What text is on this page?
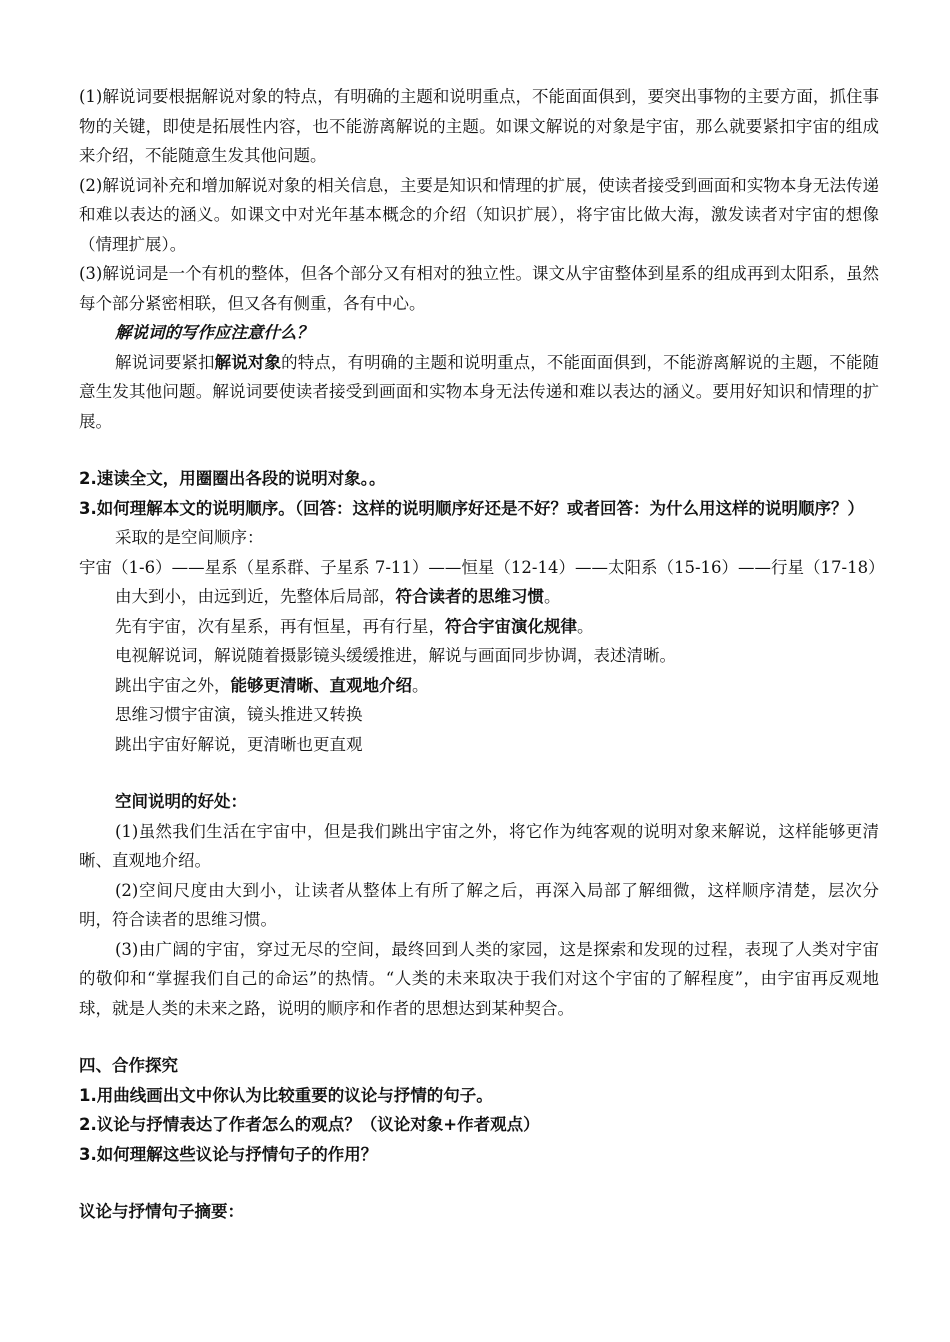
(1)解说词要根据解说对象的特点，有明确的主题和说明重点，不能面面俱到，要突出事物的主要方面，抓住事物的关键，即使是拓展性内容，也不能游离解说的主题。如课文解说的对象是宇宙，那么就要紧扣宇宙的组成来介绍，不能随意生发其他问题。

(2)解说词补充和增加解说对象的相关信息，主要是知识和情理的扩展，使读者接受到画面和实物本身无法传递和难以表达的涵义。如课文中对光年基本概念的介绍（知识扩展），将宇宙比做大海，激发读者对宇宙的想像（情理扩展）。

(3)解说词是一个有机的整体，但各个部分又有相对的独立性。课文从宇宙整体到星系的组成再到太阳系，虽然每个部分紧密相联，但又各有侧重，各有中心。

解说词的写作应注意什么？

解说词要紧扣解说对象的特点，有明确的主题和说明重点，不能面面俱到，不能游离解说的主题，不能随意生发其他问题。解说词要使读者接受到画面和实物本身无法传递和难以表达的涵义。要用好知识和情理的扩展。

2.速读全文，用圈圈出各段的说明对象。。

3.如何理解本文的说明顺序。（回答：这样的说明顺序好还是不好？或者回答：为什么用这样的说明顺序？）

采取的是空间顺序：

宇宙（1-6）——星系（星系群、子星系 7-11）——恒星（12-14）——太阳系（15-16）——行星（17-18）

由大到小，由远到近，先整体后局部，符合读者的思维习惯。

先有宇宙，次有星系，再有恒星，再有行星，符合宇宙演化规律。

电视解说词，解说随着摄影镜头缓缓推进，解说与画面同步协调，表述清晰。

跳出宇宙之外，能够更清晰、直观地介绍。

思维习惯宇宙演，镜头推进又转换

跳出宇宙好解说，更清晰也更直观

空间说明的好处：

(1)虽然我们生活在宇宙中，但是我们跳出宇宙之外，将它作为纯客观的说明对象来解说，这样能够更清晰、直观地介绍。

(2)空间尺度由大到小，让读者从整体上有所了解之后，再深入局部了解细微，这样顺序清楚，层次分明，符合读者的思维习惯。

(3)由广阔的宇宙，穿过无尽的空间，最终回到人类的家园，这是探索和发现的过程，表现了人类对宇宙的敬仰和“掌握我们自己的命运”的热情。“人类的未来取决于我们对这个宇宙的了解程度”，由宇宙再反观地球，就是人类的未来之路，说明的顺序和作者的思想达到某种契合。

四、合作探究

1.用曲线画出文中你认为比较重要的议论与抒情的句子。

2.议论与抒情表达了作者怎么的观点？（议论对象+作者观点）

3.如何理解这些议论与抒情句子的作用？

议论与抒情句子摘要：
